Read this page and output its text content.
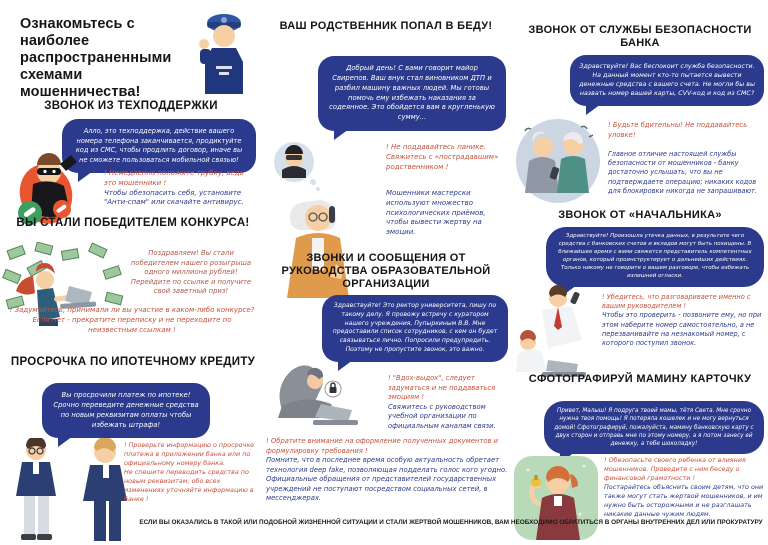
Ознакомьтесь с наиболее распространенными схемами мошенничества!
ЗВОНОК ИЗ ТЕХПОДДЕРЖКИ
Алло, это техподдержка, действие вашего номера телефона заканчивается, продиктуйте код из СМС, чтобы продлить договор, иначе вы не сможете пользоваться мобильной связью!
! Немедленно положите трубку, ведь это мошенники !
Чтобы обезопасить себя, установите "Анти-спам" или скачайте антивирус.
ВЫ СТАЛИ ПОБЕДИТЕЛЕМ КОНКУРСА!
Поздравляем! Вы стали победителем нашего розыгрыша одного миллиона рублей! Перейдите по ссылке и получите свой заветный приз!
! Задумайтесь, принимали ли вы участие в каком-либо конкурсе? Если нет - прекратите переписку и не переходите по неизвестным ссылкам !
ПРОСРОЧКА ПО ИПОТЕЧНОМУ КРЕДИТУ
Вы просрочили платеж по ипотеке! Срочно переведите денежные средства по новым реквизитам оплаты чтобы избежать штрафа!
! Проверьте информацию о просрочке платежа в приложении банка или по официальному номеру банка.
Не спешите переводить средства по новым реквизитам, обо всех изменениях уточняйте информацию в банке !
ВАШ РОДСТВЕННИК ПОПАЛ В БЕДУ!
Добрый день! С вами говорит майор Свирепов. Ваш внук стал виновником ДТП и разбил машину важных людей. Мы готовы помочь ему избежать наказания за содеянное. Это обойдется вам в кругленькую сумму...
! Не поддавайтесь панике. Свяжитесь с «пострадавшим» родственником !
Мошенники мастерски используют множество психологических приёмов, чтобы вывести жертву на эмоции.
ЗВОНКИ И СООБЩЕНИЯ ОТ РУКОВОДСТВА ОБРАЗОВАТЕЛЬНОЙ ОРГАНИЗАЦИИ
Здравствуйте! Это ректор университета, пишу по такому делу. Я провожу встречу с куратором нашего учреждения, Пупыркиным В.В. Мне предоставили список сотрудников, с кем он будет связываться лично. Попросили предупредить. Поэтому не пропустите звонок, это важно.
! "Вдох-выдох", следует задуматься и не поддаваться эмоциям !
Свяжитесь с руководством учебной организации по официальным каналам связи.
! Обратите внимание на оформление полученных документов и формулировку требования !
Помните, что в последнее время особую актуальность обретает технология deep fake, позволяющая подделать голос кого угодно.
Официальные обращения от представителей государственных учреждений не поступают посредством социальных сетей, в мессенджерах.
ЗВОНОК ОТ СЛУЖБЫ БЕЗОПАСНОСТИ БАНКА
Здравствуйте! Вас беспокоит служба безопасности. На данный момент кто-то пытается вывести денежные средства с вашего счета. Не могли бы вы назвать номер вашей карты, CVV-код и код из СМС?
! Будьте бдительны! Не поддавайтесь уловке!
Главное отличие настоящей службы безопасности от мошенников - банку достаточно услышать, что вы не подтверждаете операцию; никаких кодов для блокировки никогда не запрашивают.
ЗВОНОК ОТ «НАЧАЛЬНИКА»
Здравствуйте! Произошла утечка данных, в результате чего средства с банковских счетов и вкладов могут быть похищены. В ближайшее время с вами свяжется представитель компетентных органов, который проинструктирует о дальнейших действиях. Только никому не говорите о вашем разговоре, чтобы избежать излишней огласки.
! Убедитесь, что разговариваете именно с вашим руководителем !
Чтобы это проверить - позвоните ему, но при этом наберите номер самостоятельно, а не перезванивайте на незнакомый номер, с которого поступил звонок.
СФОТОГРАФИРУЙ МАМИНУ КАРТОЧКУ
Привет, Малыш! Я подруга твоей мамы, тётя Света. Мне срочно нужна твоя помощь! Я потеряла кошелек и не могу вернуться домой! Сфотографируй, пожалуйста, мамину банковскую карту с двух сторон и отправь мне по этому номеру, а я потом занесу ей денежку, а тебе шоколадку!
! Обезопасьте своего ребенка от влияния мошенников. Проведите с ним беседу о финансовой грамотности !
Постарайтесь объяснить своим детям, что они также могут стать жертвой мошенников, и им нужно быть осторожными и не разглашать никакие данные чужим людям.
ЕСЛИ ВЫ ОКАЗАЛИСЬ В ТАКОЙ ИЛИ ПОДОБНОЙ ЖИЗНЕННОЙ СИТУАЦИИ И СТАЛИ ЖЕРТВОЙ МОШЕННИКОВ, ВАМ НЕОБХОДИМО ОБРАТИТЬСЯ В ОРГАНЫ ВНУТРЕННИХ ДЕЛ ИЛИ ПРОКУРАТУРУ
